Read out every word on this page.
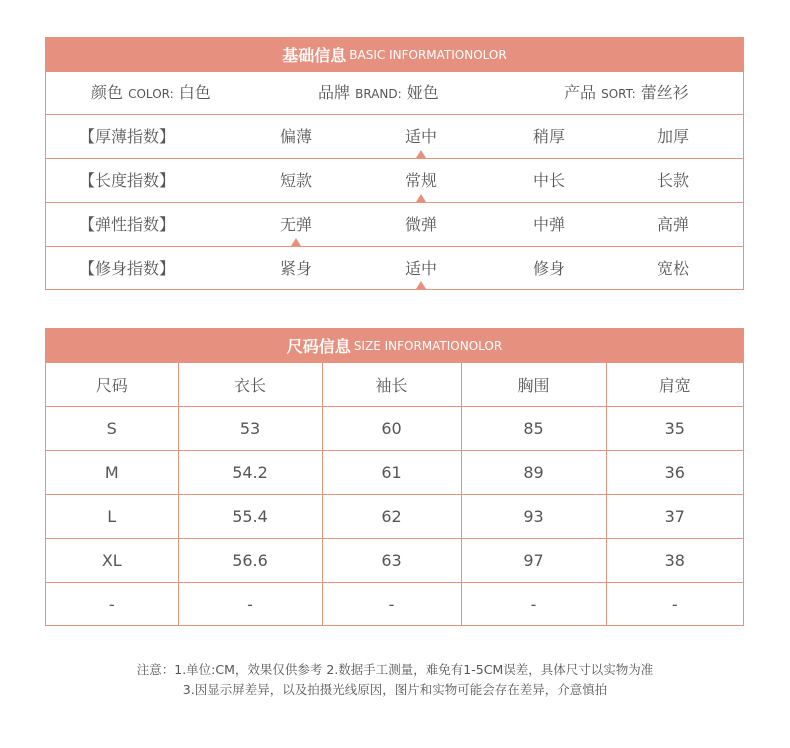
基础信息 BASIC INFORMATIONOLOR
颜色 COLOR: 白色	品牌 BRAND: 娅色	产品 SORT: 蕾丝衫
【厚薄指数】	偏薄	适中	稍厚	加厚
【长度指数】	短款	常规	中长	长款
【弹性指数】	无弹	微弹	中弹	高弹
【修身指数】	紧身	适中	修身	宽松
尺码信息 SIZE INFORMATIONOLOR
尺码	衣长	袖长	胸围	肩宽
S	53	60	85	35
M	54.2	61	89	36
L	55.4	62	93	37
XL	56.6	63	97	38
-	-	-	-	-
注意：1.单位:CM，效果仅供参考 2.数据手工测量，难免有1-5CM误差，具体尺寸以实物为准
3.因显示屏差异，以及拍摄光线原因，图片和实物可能会存在差异，介意慎拍
